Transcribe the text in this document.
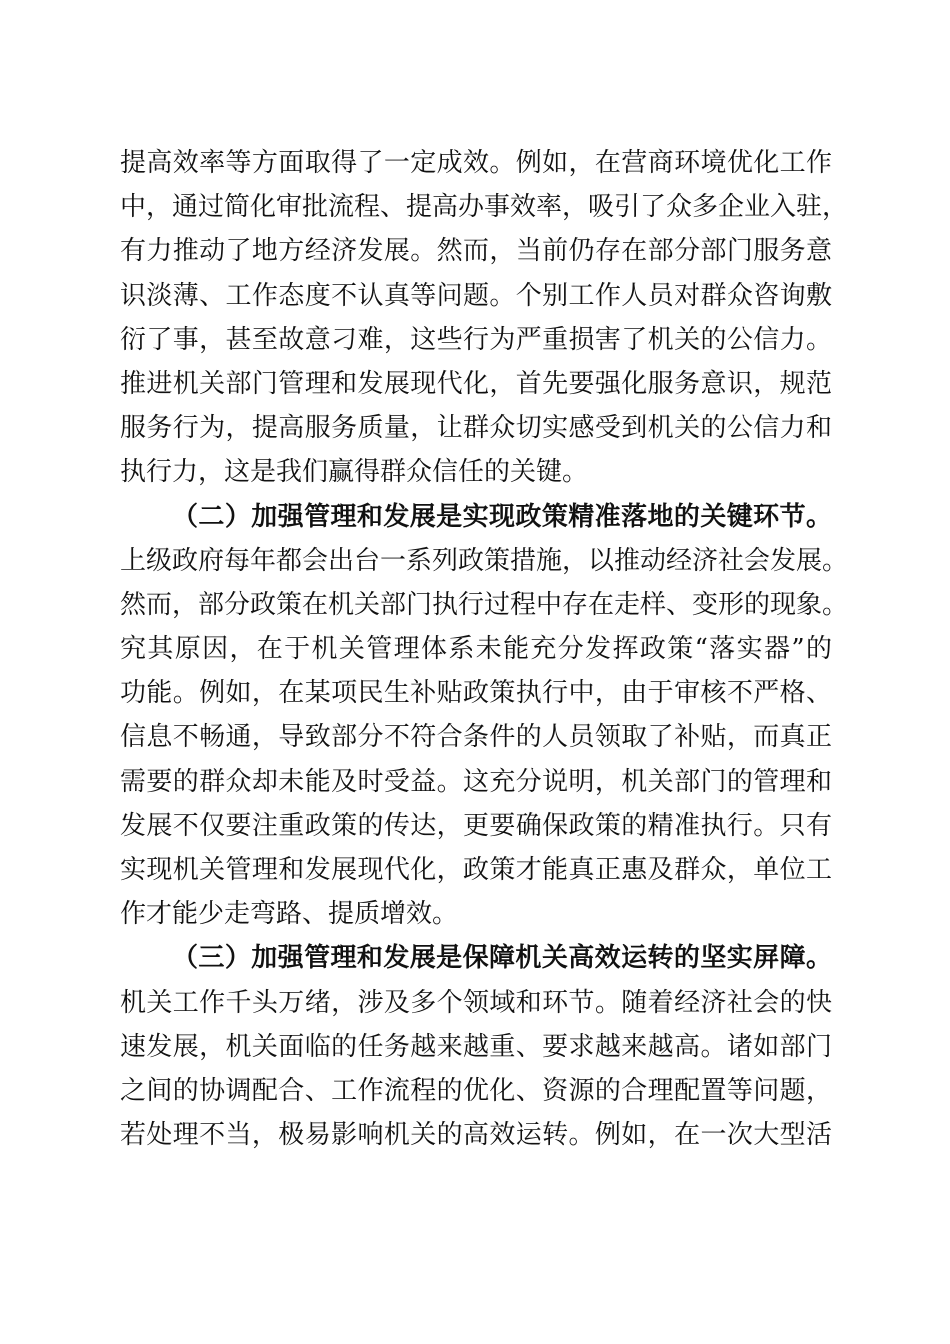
提高效率等方面取得了一定成效。例如，在营商环境优化工作
中，通过简化审批流程、提高办事效率，吸引了众多企业入驻，
有力推动了地方经济发展。然而，当前仍存在部分部门服务意
识淡薄、工作态度不认真等问题。个别工作人员对群众咨询敷
衍了事，甚至故意刁难，这些行为严重损害了机关的公信力。
推进机关部门管理和发展现代化，首先要强化服务意识，规范
服务行为，提高服务质量，让群众切实感受到机关的公信力和
执行力，这是我们赢得群众信任的关键。
（二）加强管理和发展是实现政策精准落地的关键环节。
上级政府每年都会出台一系列政策措施，以推动经济社会发展。
然而，部分政策在机关部门执行过程中存在走样、变形的现象。
究其原因，在于机关管理体系未能充分发挥政策“落实器”的
功能。例如，在某项民生补贴政策执行中，由于审核不严格、
信息不畅通，导致部分不符合条件的人员领取了补贴，而真正
需要的群众却未能及时受益。这充分说明，机关部门的管理和
发展不仅要注重政策的传达，更要确保政策的精准执行。只有
实现机关管理和发展现代化，政策才能真正惠及群众，单位工
作才能少走弯路、提质增效。
（三）加强管理和发展是保障机关高效运转的坚实屏障。
机关工作千头万绪，涉及多个领域和环节。随着经济社会的快
速发展，机关面临的任务越来越重、要求越来越高。诸如部门
之间的协调配合、工作流程的优化、资源的合理配置等问题，
若处理不当，极易影响机关的高效运转。例如，在一次大型活
